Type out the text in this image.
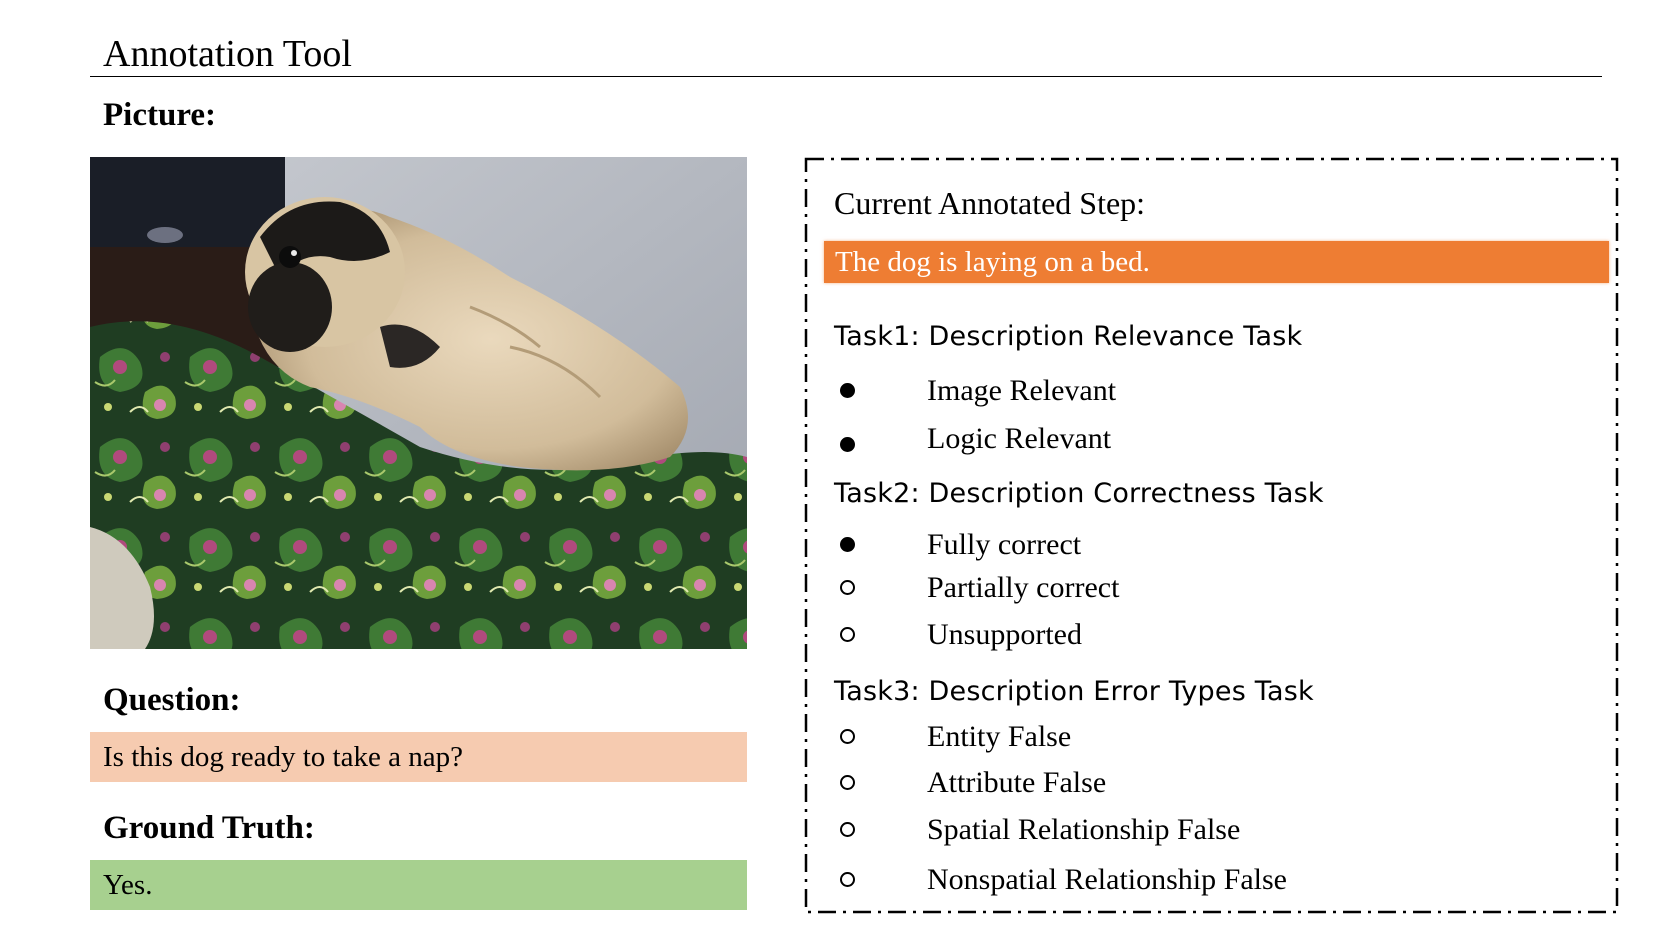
Annotation Tool
Picture:
Question:
Is this dog ready to take a nap?
Ground Truth:
Yes.
Current Annotated Step:
The dog is laying on a bed.
Task1: Description Relevance Task
Image Relevant
Logic Relevant
Task2: Description Correctness Task
Fully correct
Partially correct
Unsupported
Task3: Description Error Types Task
Entity False
Attribute False
Spatial Relationship False
Nonspatial Relationship False
